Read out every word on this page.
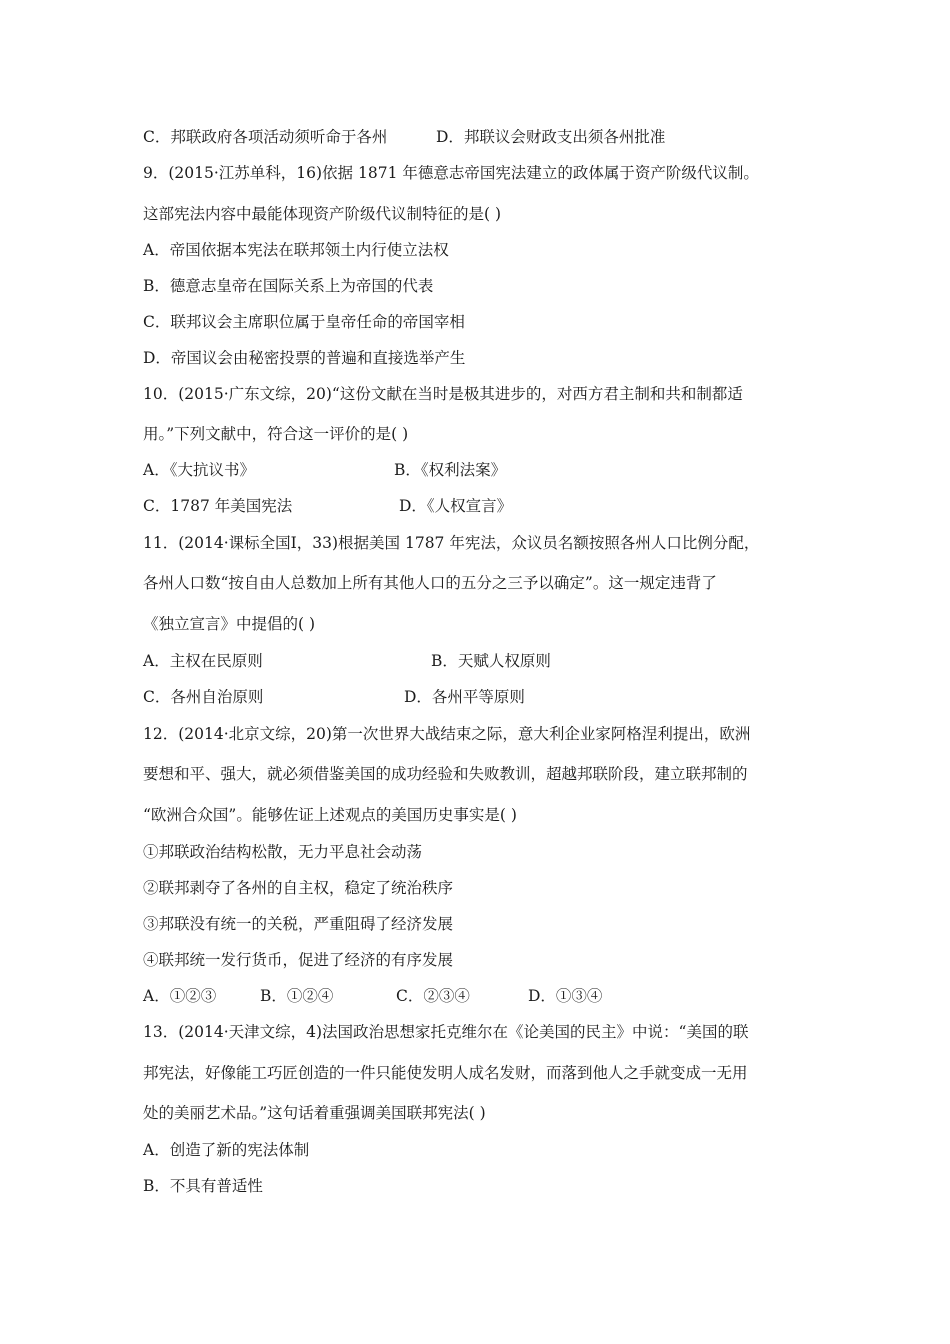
C．邦联政府各项活动须听命于各州	D．邦联议会财政支出须各州批准
9．(2015·江苏单科，16)依据 1871 年德意志帝国宪法建立的政体属于资产阶级代议制。
这部宪法内容中最能体现资产阶级代议制特征的是( )
A．帝国依据本宪法在联邦领土内行使立法权
B．德意志皇帝在国际关系上为帝国的代表
C．联邦议会主席职位属于皇帝任命的帝国宰相
D．帝国议会由秘密投票的普遍和直接选举产生
10．(2015·广东文综，20)“这份文献在当时是极其进步的，对西方君主制和共和制都适
用。”下列文献中，符合这一评价的是( )
A．《大抗议书》	B．《权利法案》
C．1787 年美国宪法	D．《人权宣言》
11．(2014·课标全国Ⅰ，33)根据美国 1787 年宪法，众议员名额按照各州人口比例分配，
各州人口数“按自由人总数加上所有其他人口的五分之三予以确定”。这一规定违背了
《独立宣言》中提倡的( )
A．主权在民原则	B．天赋人权原则
C．各州自治原则	D．各州平等原则
12．(2014·北京文综，20)第一次世界大战结束之际，意大利企业家阿格涅利提出，欧洲
要想和平、强大，就必须借鉴美国的成功经验和失败教训，超越邦联阶段，建立联邦制的
“欧洲合众国”。能够佐证上述观点的美国历史事实是( )
①邦联政治结构松散，无力平息社会动荡
②联邦剥夺了各州的自主权，稳定了统治秩序
③邦联没有统一的关税，严重阻碍了经济发展
④联邦统一发行货币，促进了经济的有序发展
A．①②③	B．①②④	C．②③④	D．①③④
13．(2014·天津文综，4)法国政治思想家托克维尔在《论美国的民主》中说：“美国的联
邦宪法，好像能工巧匠创造的一件只能使发明人成名发财，而落到他人之手就变成一无用
处的美丽艺术品。”这句话着重强调美国联邦宪法( )
A．创造了新的宪法体制
B．不具有普适性
